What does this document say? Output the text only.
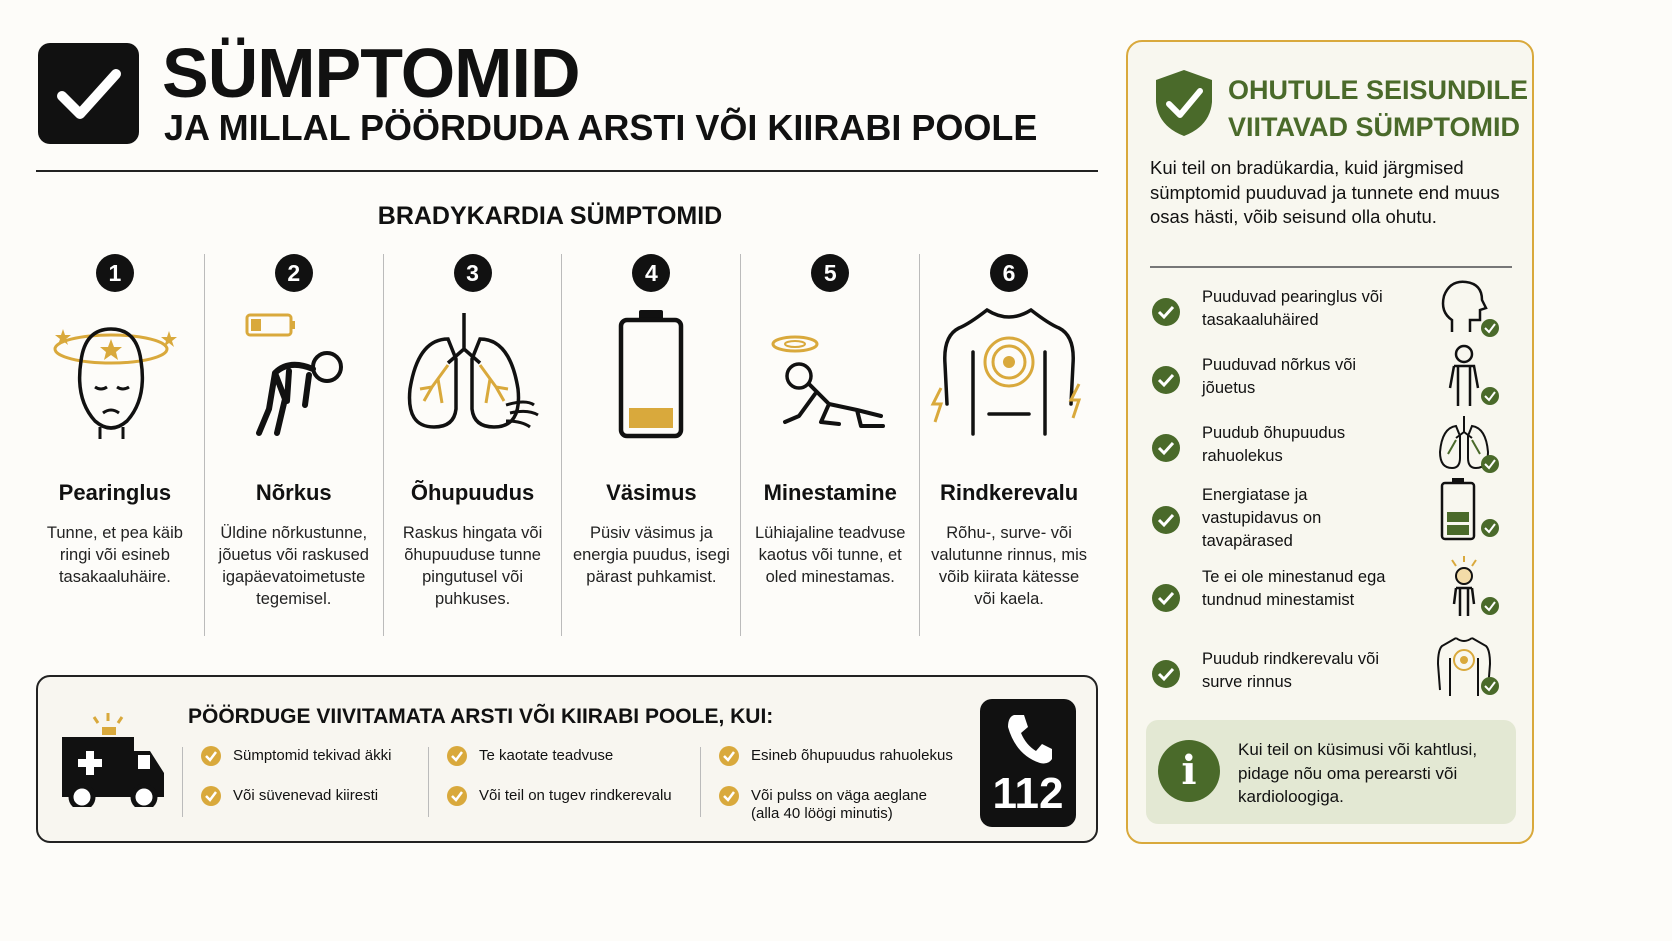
SÜMPTOMID
JA MILLAL PÖÖRDUDA ARSTI VÕI KIIRABI POOLE
BRADYKARDIA SÜMPTOMID
1
Pearinglus
Tunne, et pea käib ringi või esineb tasakaaluhäire.
2
Nõrkus
Üldine nõrkustunne, jõuetus või raskused igapäevatoimetuste tegemisel.
3
Õhupuudus
Raskus hingata või õhupuuduse tunne pingutusel või puhkuses.
4
Väsimus
Püsiv väsimus ja energia puudus, isegi pärast puhkamist.
5
Minestamine
Lühiajaline teadvuse kaotus või tunne, et oled minestamas.
6
Rindkerevalu
Rõhu-, surve- või valutunne rinnus, mis võib kiirata kätesse või kaela.
PÖÖRDUGE VIIVITAMATA ARSTI VÕI KIIRABI POOLE, KUI:
Sümptomid tekivad äkki
Või süvenevad kiiresti
Te kaotate teadvuse
Või teil on tugev rindkerevalu
Esineb õhupuudus rahuolekus
Või pulss on väga aeglane
(alla 40 löögi minutis)	112
OHUTULE SEISUNDILE
VIITAVAD SÜMPTOMID
Kui teil on bradükardia, kuid järgmised sümptomid puuduvad ja tunnete end muus osas hästi, võib seisund olla ohutu.
Puuduvad pearinglus või tasakaaluhäired
Puuduvad nõrkus või jõuetus
Puudub õhupuudus rahuolekus
Energiatase ja vastupidavus on tavapärased
Te ei ole minestanud ega tundnud minestamist
Puudub rindkerevalu või surve rinnus
i	Kui teil on küsimusi või kahtlusi, pidage nõu oma perearsti või kardioloogiga.
